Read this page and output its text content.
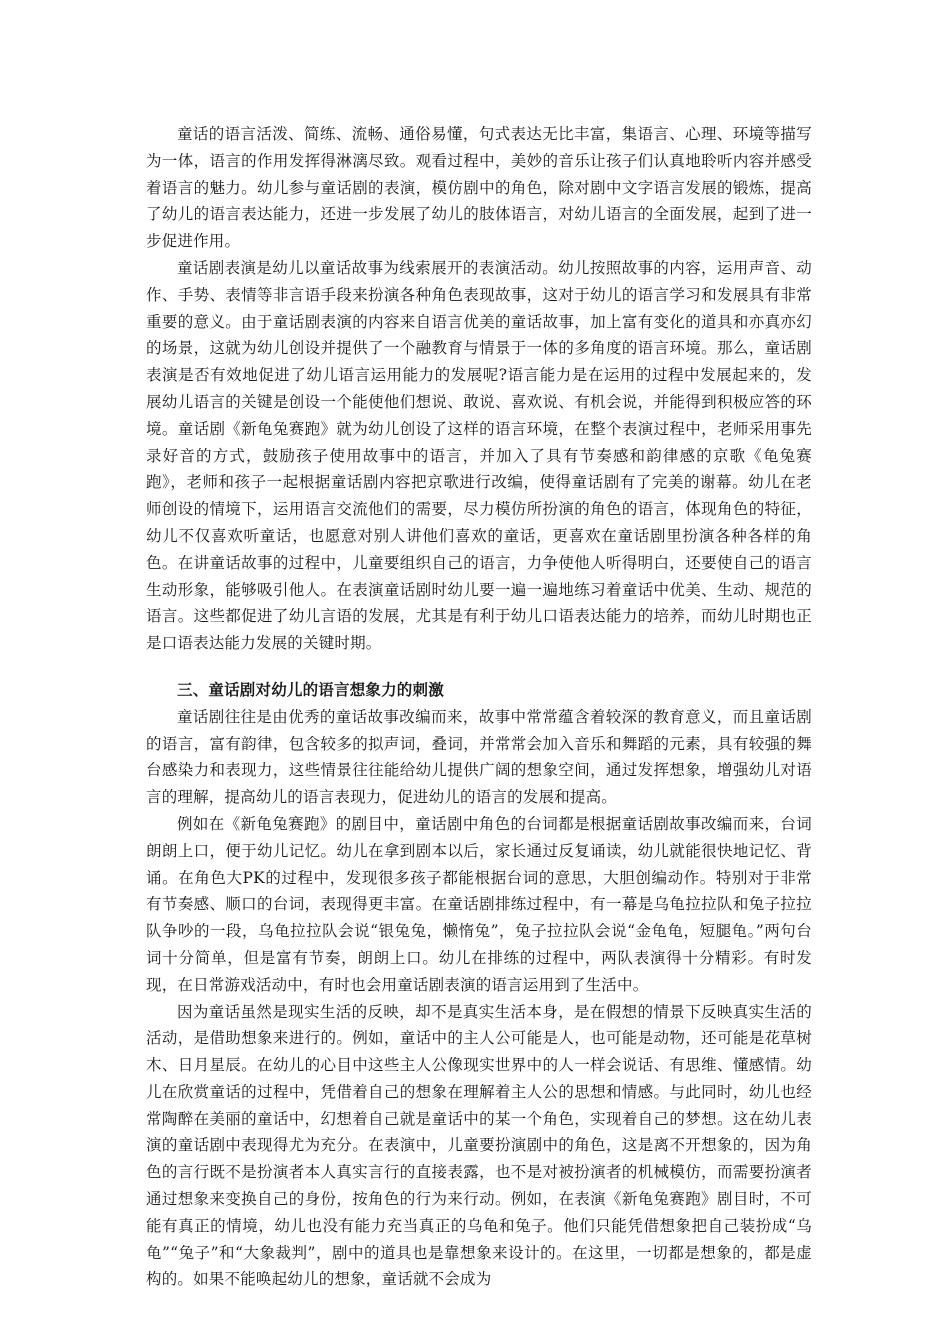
童话的语言活泼、简练、流畅、通俗易懂，句式表达无比丰富，集语言、心理、环境等描写为一体，语言的作用发挥得淋漓尽致。观看过程中，美妙的音乐让孩子们认真地聆听内容并感受着语言的魅力。幼儿参与童话剧的表演，模仿剧中的角色，除对剧中文字语言发展的锻炼，提高了幼儿的语言表达能力，还进一步发展了幼儿的肢体语言，对幼儿语言的全面发展，起到了进一步促进作用。

童话剧表演是幼儿以童话故事为线索展开的表演活动。幼儿按照故事的内容，运用声音、动作、手势、表情等非言语手段来扮演各种角色表现故事，这对于幼儿的语言学习和发展具有非常重要的意义。由于童话剧表演的内容来自语言优美的童话故事，加上富有变化的道具和亦真亦幻的场景，这就为幼儿创设并提供了一个融教育与情景于一体的多角度的语言环境。那么，童话剧表演是否有效地促进了幼儿语言运用能力的发展呢?语言能力是在运用的过程中发展起来的，发展幼儿语言的关键是创设一个能使他们想说、敢说、喜欢说、有机会说，并能得到积极应答的环境。童话剧《新龟兔赛跑》就为幼儿创设了这样的语言环境，在整个表演过程中，老师采用事先录好音的方式，鼓励孩子使用故事中的语言，并加入了具有节奏感和韵律感的京歌《龟兔赛跑》，老师和孩子一起根据童话剧内容把京歌进行改编，使得童话剧有了完美的谢幕。幼儿在老师创设的情境下，运用语言交流他们的需要，尽力模仿所扮演的角色的语言，体现角色的特征，幼儿不仅喜欢听童话，也愿意对别人讲他们喜欢的童话，更喜欢在童话剧里扮演各种各样的角色。在讲童话故事的过程中，儿童要组织自己的语言，力争使他人听得明白，还要使自己的语言生动形象，能够吸引他人。在表演童话剧时幼儿要一遍一遍地练习着童话中优美、生动、规范的语言。这些都促进了幼儿言语的发展，尤其是有利于幼儿口语表达能力的培养，而幼儿时期也正是口语表达能力发展的关键时期。

三、童话剧对幼儿的语言想象力的刺激

童话剧往往是由优秀的童话故事改编而来，故事中常常蕴含着较深的教育意义，而且童话剧的语言，富有韵律，包含较多的拟声词，叠词，并常常会加入音乐和舞蹈的元素，具有较强的舞台感染力和表现力，这些情景往往能给幼儿提供广阔的想象空间，通过发挥想象，增强幼儿对语言的理解，提高幼儿的语言表现力，促进幼儿的语言的发展和提高。

例如在《新龟兔赛跑》的剧目中，童话剧中角色的台词都是根据童话剧故事改编而来，台词朗朗上口，便于幼儿记忆。幼儿在拿到剧本以后，家长通过反复诵读，幼儿就能很快地记忆、背诵。在角色大PK的过程中，发现很多孩子都能根据台词的意思，大胆创编动作。特别对于非常有节奏感、顺口的台词，表现得更丰富。在童话剧排练过程中，有一幕是乌龟拉拉队和兔子拉拉队争吵的一段，乌龟拉拉队会说“银兔兔，懒惰兔”，兔子拉拉队会说“金龟龟，短腿龟。”两句台词十分简单，但是富有节奏，朗朗上口。幼儿在排练的过程中，两队表演得十分精彩。有时发现，在日常游戏活动中，有时也会用童话剧表演的语言运用到了生活中。

因为童话虽然是现实生活的反映，却不是真实生活本身，是在假想的情景下反映真实生活的活动，是借助想象来进行的。例如，童话中的主人公可能是人，也可能是动物，还可能是花草树木、日月星辰。在幼儿的心目中这些主人公像现实世界中的人一样会说话、有思维、懂感情。幼儿在欣赏童话的过程中，凭借着自己的想象在理解着主人公的思想和情感。与此同时，幼儿也经常陶醉在美丽的童话中，幻想着自己就是童话中的某一个角色，实现着自己的梦想。这在幼儿表演的童话剧中表现得尤为充分。在表演中，儿童要扮演剧中的角色，这是离不开想象的，因为角色的言行既不是扮演者本人真实言行的直接表露，也不是对被扮演者的机械模仿，而需要扮演者通过想象来变换自己的身份，按角色的行为来行动。例如，在表演《新龟兔赛跑》剧目时，不可能有真正的情境，幼儿也没有能力充当真正的乌龟和兔子。他们只能凭借想象把自己装扮成“乌龟”“兔子”和“大象裁判”，剧中的道具也是靠想象来设计的。在这里，一切都是想象的，都是虚构的。如果不能唤起幼儿的想象，童话就不会成为
